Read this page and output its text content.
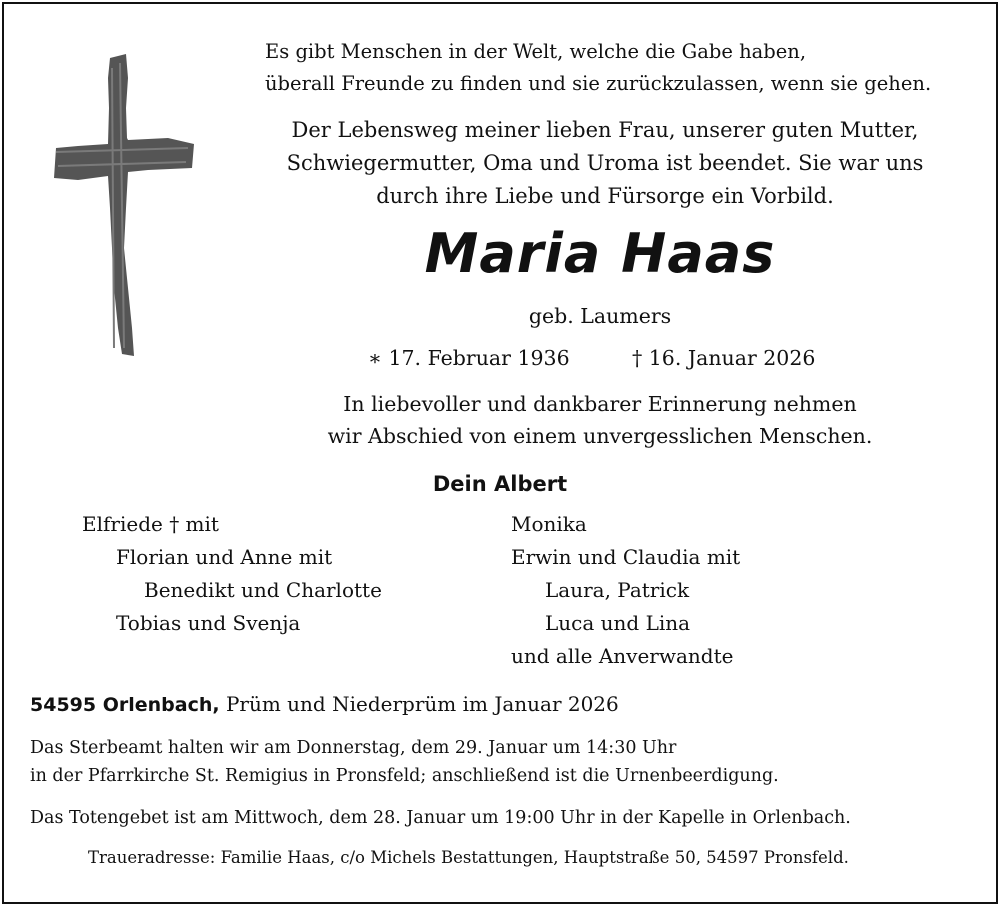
Es gibt Menschen in der Welt, welche die Gabe haben,
überall Freunde zu finden und sie zurückzulassen, wenn sie gehen.
Der Lebensweg meiner lieben Frau, unserer guten Mutter,
Schwiegermutter, Oma und Uroma ist beendet. Sie war uns
durch ihre Liebe und Fürsorge ein Vorbild.
Maria Haas
geb. Laumers
∗ 17. Februar 1936	† 16. Januar 2026
In liebevoller und dankbarer Erinnerung nehmen
wir Abschied von einem unvergesslichen Menschen.
Dein Albert
Elfriede † mit
Florian und Anne mit
Benedikt und Charlotte
Tobias und Svenja
Monika
Erwin und Claudia mit
Laura, Patrick
Luca und Lina
und alle Anverwandte
54595 Orlenbach, Prüm und Niederprüm im Januar 2026
Das Sterbeamt halten wir am Donnerstag, dem 29. Januar um 14:30 Uhr
in der Pfarrkirche St. Remigius in Pronsfeld; anschließend ist die Urnenbeerdigung.
Das Totengebet ist am Mittwoch, dem 28. Januar um 19:00 Uhr in der Kapelle in Orlenbach.
Traueradresse: Familie Haas, c/o Michels Bestattungen, Hauptstraße 50, 54597 Pronsfeld.
